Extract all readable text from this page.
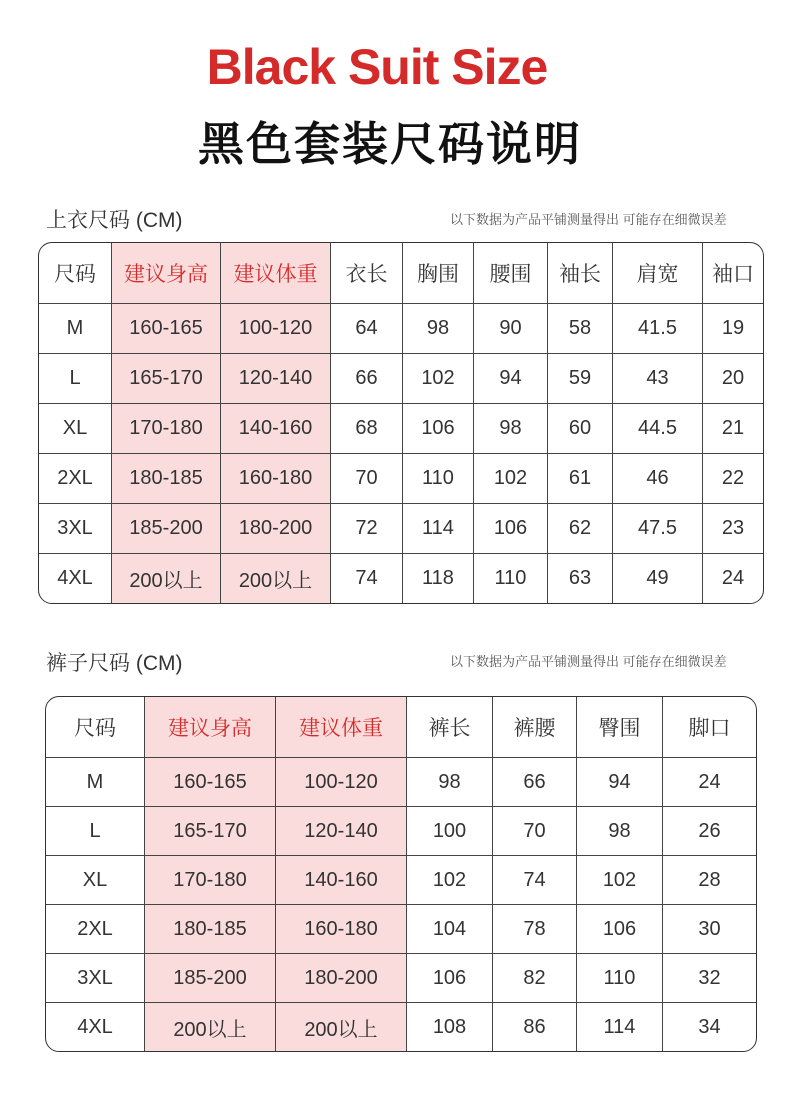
Black Suit Size
黑色套装尺码说明
上衣尺码 (CM)	以下数据为产品平铺测量得出 可能存在细微误差
尺码	建议身高	建议体重	衣长	胸围	腰围	袖长	肩宽	袖口
M	160-165	100-120	64	98	90	58	41.5	19
L	165-170	120-140	66	102	94	59	43	20
XL	170-180	140-160	68	106	98	60	44.5	21
2XL	180-185	160-180	70	110	102	61	46	22
3XL	185-200	180-200	72	114	106	62	47.5	23
4XL	200以上	200以上	74	118	110	63	49	24
裤子尺码 (CM)	以下数据为产品平铺测量得出 可能存在细微误差
尺码	建议身高	建议体重	裤长	裤腰	臀围	脚口
M	160-165	100-120	98	66	94	24
L	165-170	120-140	100	70	98	26
XL	170-180	140-160	102	74	102	28
2XL	180-185	160-180	104	78	106	30
3XL	185-200	180-200	106	82	110	32
4XL	200以上	200以上	108	86	114	34
